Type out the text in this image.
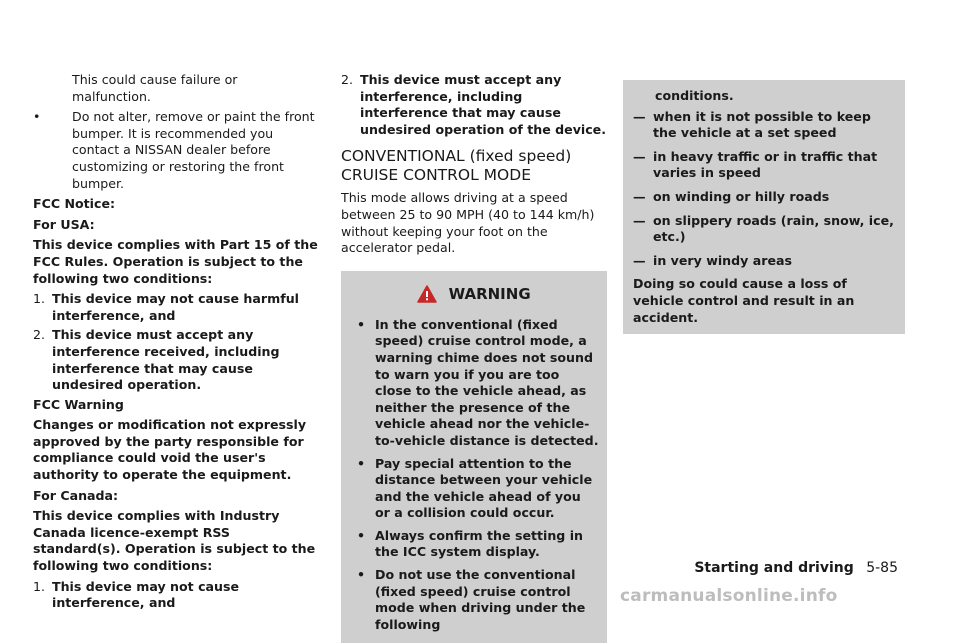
This could cause failure or malfunction.

•	Do not alter, remove or paint the front bumper. It is recommended you contact a NISSAN dealer before customizing or restoring the front bumper.

FCC Notice:

For USA:

This device complies with Part 15 of the FCC Rules. Operation is subject to the following two conditions:

1. This device may not cause harmful interference, and
2. This device must accept any interference received, including interference that may cause undesired operation.

FCC Warning

Changes or modification not expressly approved by the party responsible for compliance could void the user's authority to operate the equipment.

For Canada:

This device complies with Industry Canada licence-exempt RSS standard(s). Operation is subject to the following two conditions:

1. This device may not cause interference, and
2. This device must accept any interference, including interference that may cause undesired operation of the device.
CONVENTIONAL (fixed speed)
CRUISE CONTROL MODE

This mode allows driving at a speed between 25 to 90 MPH (40 to 144 km/h) without keeping your foot on the accelerator pedal.

WARNING
• In the conventional (fixed speed) cruise control mode, a warning chime does not sound to warn you if you are too close to the vehicle ahead, as neither the presence of the vehicle ahead nor the vehicle-to-vehicle distance is detected.
• Pay special attention to the distance between your vehicle and the vehicle ahead of you or a collision could occur.
• Always confirm the setting in the ICC system display.
• Do not use the conventional (fixed speed) cruise control mode when driving under the following

conditions.

— when it is not possible to keep the vehicle at a set speed
— in heavy traffic or in traffic that varies in speed
— on winding or hilly roads
— on slippery roads (rain, snow, ice, etc.)
— in very windy areas

Doing so could cause a loss of vehicle control and result in an accident.

Starting and driving 5-85
carmanualsonline.info
